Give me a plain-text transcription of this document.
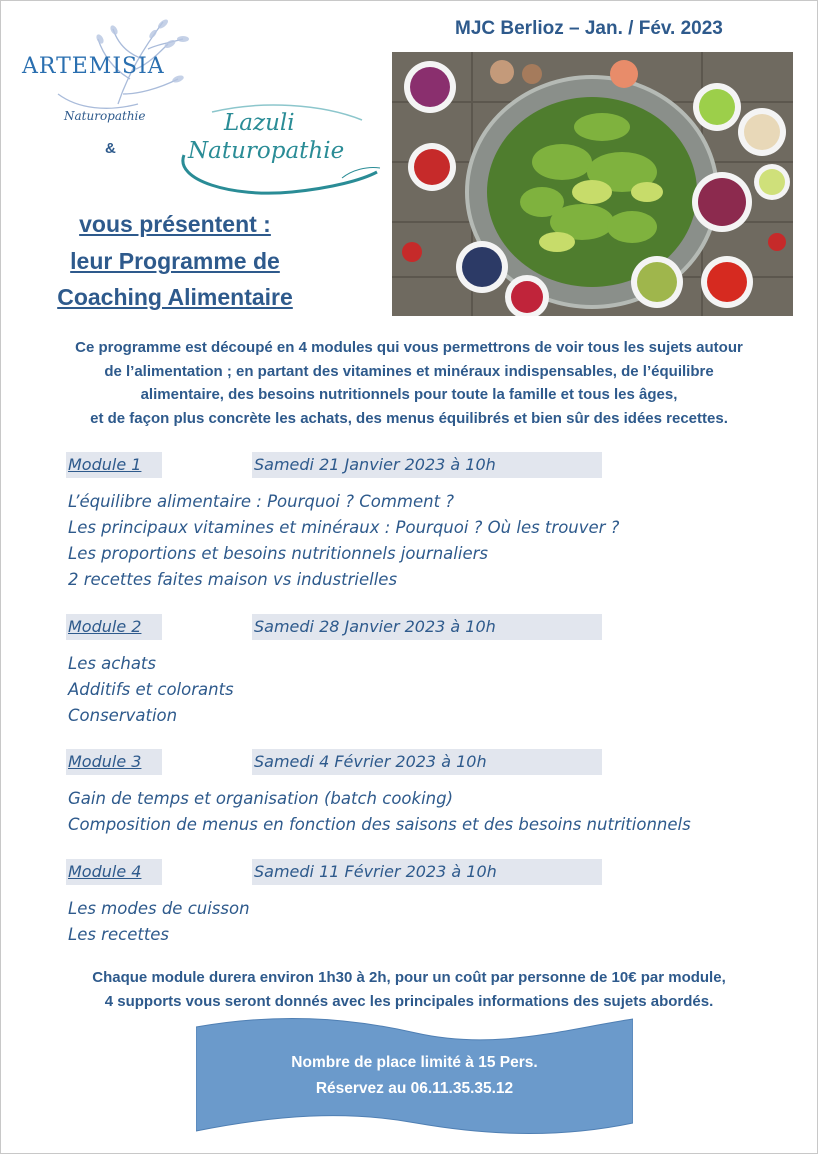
ARTEMISIA
Naturopathie
&
Lazuli
Naturopathie
MJC Berlioz – Jan. / Fév. 2023
vous présentent :
leur Programme de
Coaching Alimentaire
Ce programme est découpé en 4 modules qui vous permettrons de voir tous les sujets autour
de l’alimentation ; en partant des vitamines et minéraux indispensables, de l’équilibre
alimentaire, des besoins nutritionnels pour toute la famille et tous les âges,
et de façon plus concrète les achats, des menus équilibrés et bien sûr des idées recettes.
Module 1	Samedi 21 Janvier 2023 à 10h
L’équilibre alimentaire : Pourquoi ? Comment ?
Les principaux vitamines et minéraux : Pourquoi ? Où les trouver ?
Les proportions et besoins nutritionnels journaliers
2 recettes faites maison vs industrielles
Module 2	Samedi 28 Janvier 2023 à 10h
Les achats
Additifs et colorants
Conservation
Module 3	Samedi 4 Février 2023 à 10h
Gain de temps et organisation (batch cooking)
Composition de menus en fonction des saisons et des besoins nutritionnels
Module 4	Samedi 11 Février 2023 à 10h
Les modes de cuisson
Les recettes
Chaque module durera environ 1h30 à 2h, pour un coût par personne de 10€ par module,
4 supports vous seront donnés avec les principales informations des sujets abordés.
Nombre de place limité à 15 Pers.
Réservez au 06.11.35.35.12
